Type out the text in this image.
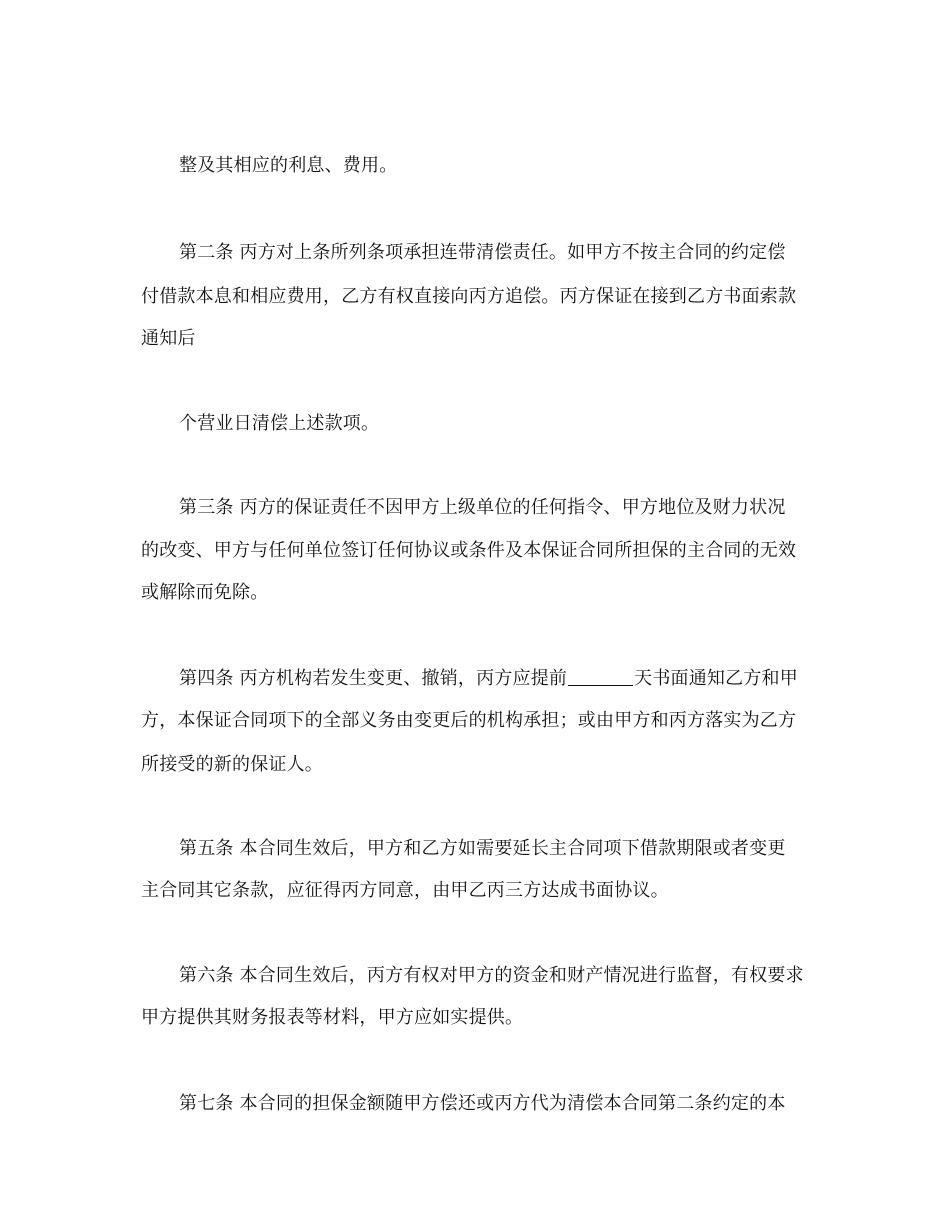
整及其相应的利息、费用。
第二条 丙方对上条所列条项承担连带清偿责任。如甲方不按主合同的约定偿
付借款本息和相应费用，乙方有权直接向丙方追偿。丙方保证在接到乙方书面索款
通知后
个营业日清偿上述款项。
第三条 丙方的保证责任不因甲方上级单位的任何指令、甲方地位及财力状况
的改变、甲方与任何单位签订任何协议或条件及本保证合同所担保的主合同的无效
或解除而免除。
第四条 丙方机构若发生变更、撤销，丙方应提前	天书面通知乙方和甲
方，本保证合同项下的全部义务由变更后的机构承担；或由甲方和丙方落实为乙方
所接受的新的保证人。
第五条 本合同生效后，甲方和乙方如需要延长主合同项下借款期限或者变更
主合同其它条款，应征得丙方同意，由甲乙丙三方达成书面协议。
第六条 本合同生效后，丙方有权对甲方的资金和财产情况进行监督，有权要求
甲方提供其财务报表等材料，甲方应如实提供。
第七条 本合同的担保金额随甲方偿还或丙方代为清偿本合同第二条约定的本
